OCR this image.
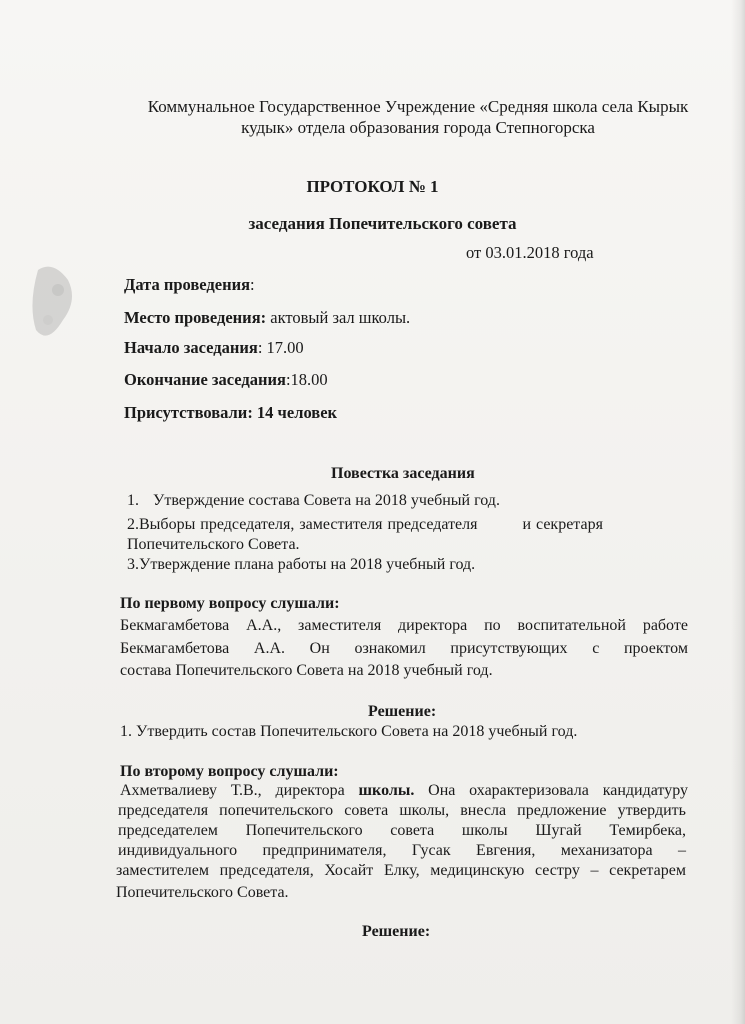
Коммунальное Государственное Учреждение «Средняя школа села Кырык
кудык» отдела образования города Степногорска
ПРОТОКОЛ № 1
заседания Попечительского совета
от 03.01.2018 года
Дата проведения:
Место проведения: актовый зал школы.
Начало заседания: 17.00
Окончание заседания:18.00
Присутствовали: 14 человек
Повестка заседания
1. Утверждение состава Совета на 2018 учебный год.
2.Выборы председателя, заместителя председателя	и секретаря
Попечительского Совета.
3.Утверждение плана работы на 2018 учебный год.
По первому вопросу слушали:
Бекмагамбетова А.А., заместителя директора по воспитательной работе
Бекмагамбетова А.А. Он ознакомил присутствующих с проектом
состава Попечительского Совета на 2018 учебный год.
Решение:
1. Утвердить состав Попечительского Совета на 2018 учебный год.
По второму вопросу слушали:
Ахметвалиеву Т.В., директора школы. Она охарактеризовала кандидатуру
председателя попечительского совета школы, внесла предложение утвердить
председателем Попечительского совета школы Шугай Темирбека,
индивидуального предпринимателя, Гусак Евгения, механизатора –
заместителем председателя, Хосайт Елку, медицинскую сестру – секретарем
Попечительского Совета.
Решение:
